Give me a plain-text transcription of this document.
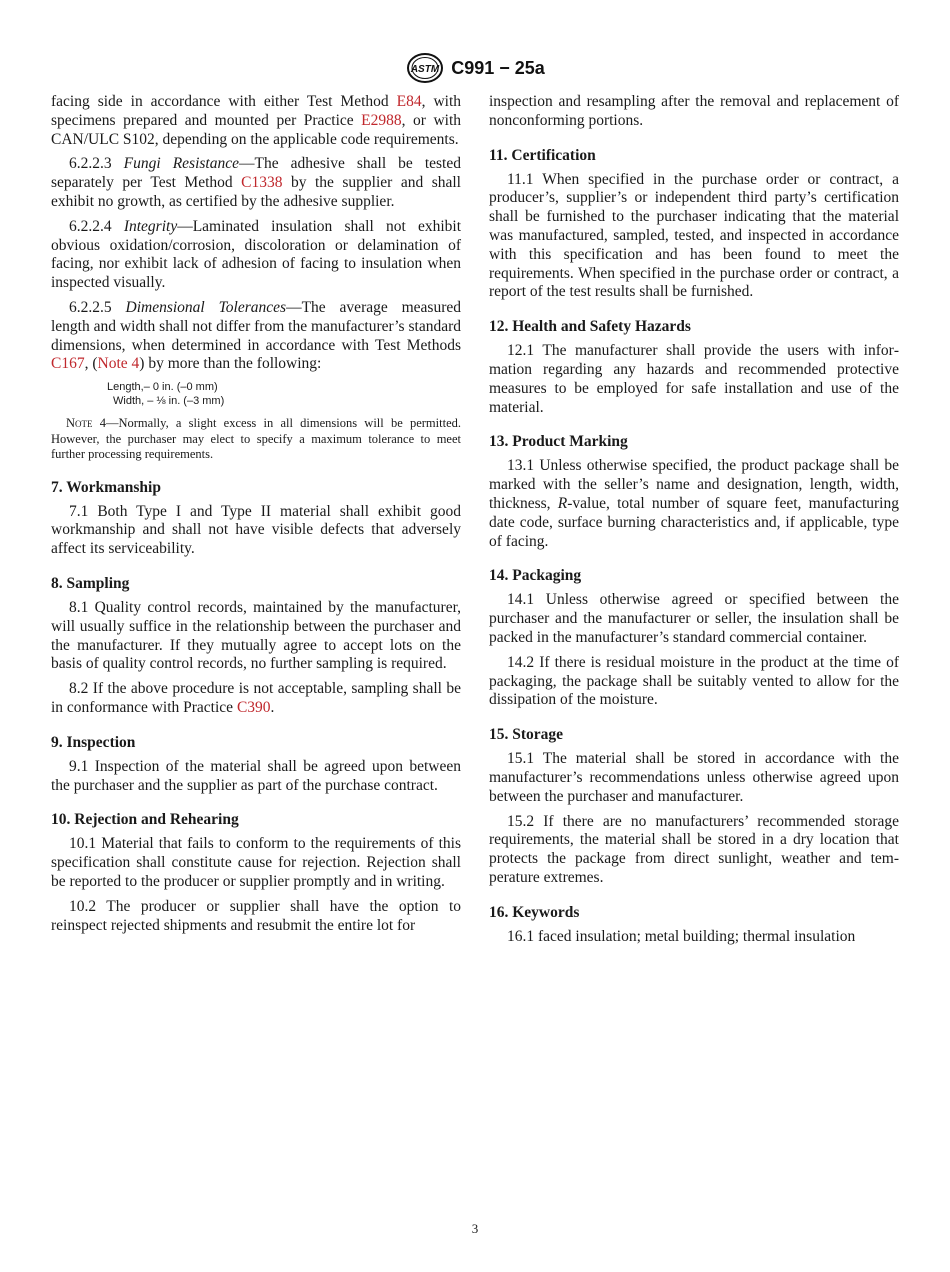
ASTM C991 − 25a

facing side in accordance with either Test Method E84, with specimens prepared and mounted per Practice E2988, or with CAN/ULC S102, depending on the applicable code requirements.

6.2.2.3 Fungi Resistance—The adhesive shall be tested separately per Test Method C1338 by the supplier and shall exhibit no growth, as certified by the adhesive supplier.

6.2.2.4 Integrity—Laminated insulation shall not exhibit obvious oxidation/corrosion, discoloration or delamination of facing, nor exhibit lack of adhesion of facing to insulation when inspected visually.

6.2.2.5 Dimensional Tolerances—The average measured length and width shall not differ from the manufacturer’s standard dimensions, when determined in accordance with Test Methods C167, (Note 4) by more than the following:

Length,– 0 in. (–0 mm)
Width, – ⅛ in. (–3 mm)
Note 4—Normally, a slight excess in all dimensions will be permitted. However, the purchaser may elect to specify a maximum tolerance to meet further processing requirements.
7. Workmanship

7.1 Both Type I and Type II material shall exhibit good workmanship and shall not have visible defects that adversely affect its serviceability.

8. Sampling

8.1 Quality control records, maintained by the manufacturer, will usually suffice in the relationship between the purchaser and the manufacturer. If they mutually agree to accept lots on the basis of quality control records, no further sampling is required.

8.2 If the above procedure is not acceptable, sampling shall be in conformance with Practice C390.

9. Inspection

9.1 Inspection of the material shall be agreed upon between the purchaser and the supplier as part of the purchase contract.

10. Rejection and Rehearing

10.1 Material that fails to conform to the requirements of this specification shall constitute cause for rejection. Rejection shall be reported to the producer or supplier promptly and in writing.

10.2 The producer or supplier shall have the option to reinspect rejected shipments and resubmit the entire lot for

inspection and resampling after the removal and replacement of nonconforming portions.

11. Certification

11.1 When specified in the purchase order or contract, a producer’s, supplier’s or independent third party’s certification shall be furnished to the purchaser indicating that the material was manufactured, sampled, tested, and inspected in accordance with this specification and has been found to meet the requirements. When specified in the purchase order or contract, a report of the test results shall be furnished.

12. Health and Safety Hazards

12.1 The manufacturer shall provide the users with information regarding any hazards and recommended protective measures to be employed for safe installation and use of the material.

13. Product Marking

13.1 Unless otherwise specified, the product package shall be marked with the seller’s name and designation, length, width, thickness, R-value, total number of square feet, manufacturing date code, surface burning characteristics and, if applicable, type of facing.

14. Packaging

14.1 Unless otherwise agreed or specified between the purchaser and the manufacturer or seller, the insulation shall be packed in the manufacturer’s standard commercial container.

14.2 If there is residual moisture in the product at the time of packaging, the package shall be suitably vented to allow for the dissipation of the moisture.

15. Storage

15.1 The material shall be stored in accordance with the manufacturer’s recommendations unless otherwise agreed upon between the purchaser and manufacturer.

15.2 If there are no manufacturers’ recommended storage requirements, the material shall be stored in a dry location that protects the package from direct sunlight, weather and temperature extremes.

16. Keywords

16.1 faced insulation; metal building; thermal insulation

3
